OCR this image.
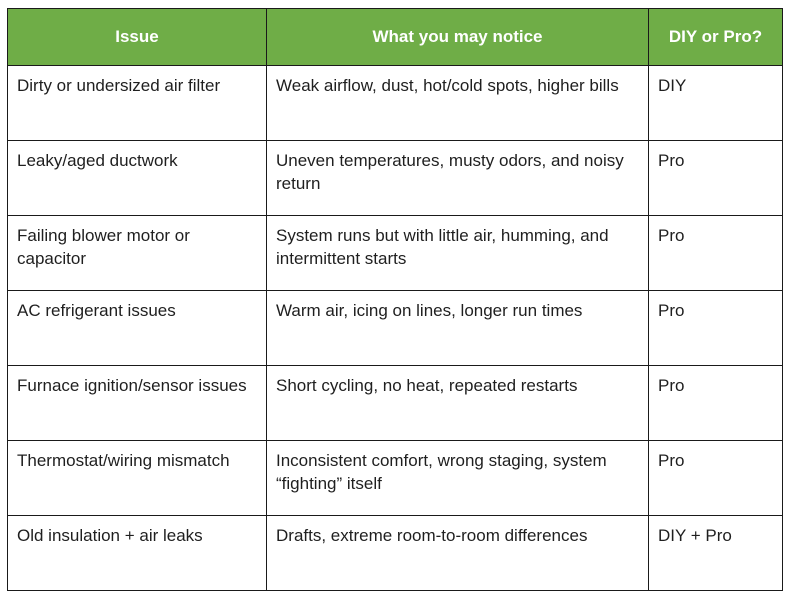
Issue	What you may notice	DIY or Pro?
Dirty or undersized air filter	Weak airflow, dust, hot/cold spots, higher bills	DIY
Leaky/aged ductwork	Uneven temperatures, musty odors, and noisy return	Pro
Failing blower motor or capacitor	System runs but with little air, humming, and intermittent starts	Pro
AC refrigerant issues	Warm air, icing on lines, longer run times	Pro
Furnace ignition/sensor issues	Short cycling, no heat, repeated restarts	Pro
Thermostat/wiring mismatch	Inconsistent comfort, wrong staging, system “fighting” itself	Pro
Old insulation + air leaks	Drafts, extreme room-to-room differences	DIY + Pro
